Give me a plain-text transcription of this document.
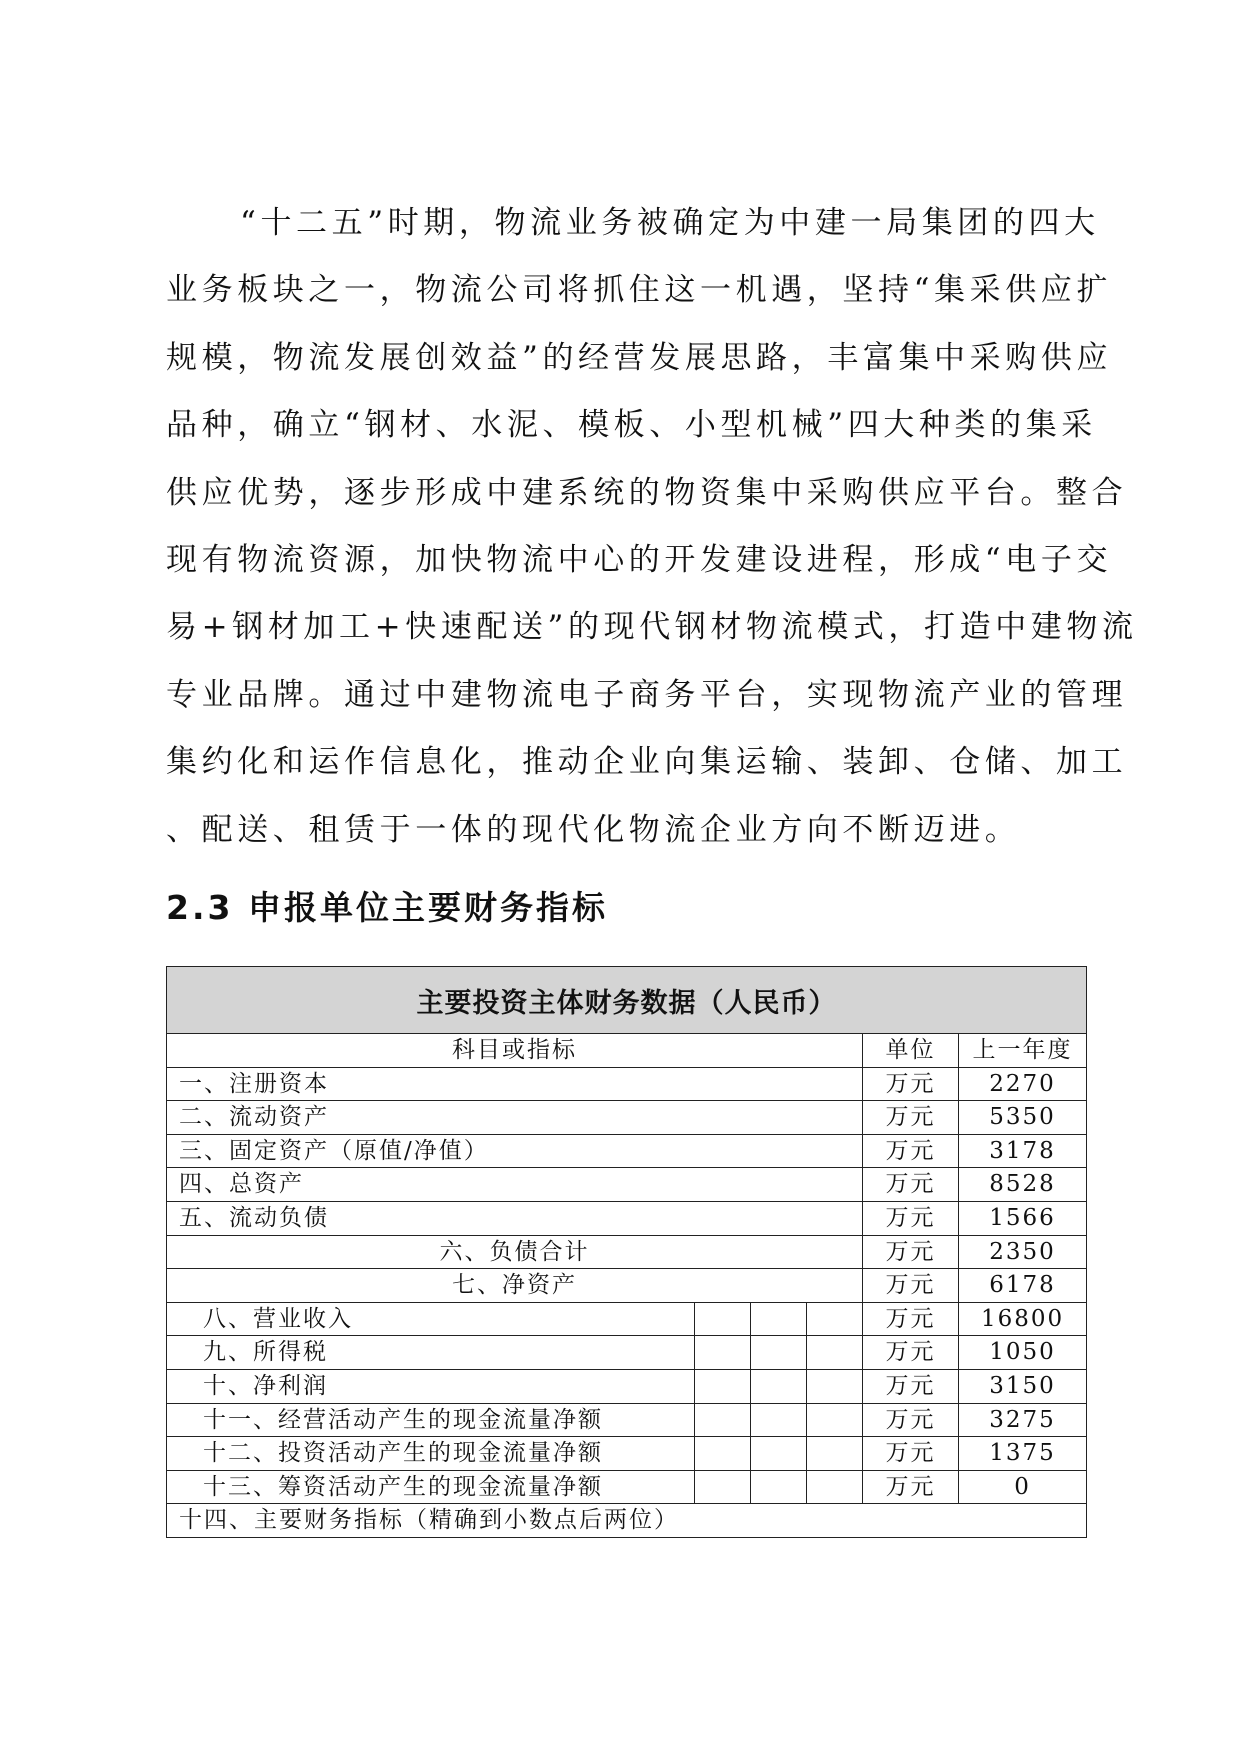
“十二五”时期，物流业务被确定为中建一局集团的四大
业务板块之一，物流公司将抓住这一机遇，坚持“集采供应扩
规模，物流发展创效益”的经营发展思路，丰富集中采购供应
品种，确立“钢材、水泥、模板、小型机械”四大种类的集采
供应优势，逐步形成中建系统的物资集中采购供应平台。整合
现有物流资源，加快物流中心的开发建设进程，形成“电子交
易+钢材加工+快速配送”的现代钢材物流模式，打造中建物流
专业品牌。通过中建物流电子商务平台，实现物流产业的管理
集约化和运作信息化，推动企业向集运输、装卸、仓储、加工
、配送、租赁于一体的现代化物流企业方向不断迈进。
2.3 申报单位主要财务指标
主要投资主体财务数据（人民币）					
科目或指标				单位	上一年度
一、注册资本				万元	2270
二、流动资产				万元	5350
三、固定资产（原值/净值）				万元	3178
四、总资产				万元	8528
五、流动负债				万元	1566
六、负债合计				万元	2350
七、净资产				万元	6178
八、营业收入				万元	16800
九、所得税				万元	1050
十、净利润				万元	3150
十一、经营活动产生的现金流量净额				万元	3275
十二、投资活动产生的现金流量净额				万元	1375
十三、筹资活动产生的现金流量净额				万元	0
十四、主要财务指标（精确到小数点后两位）					
